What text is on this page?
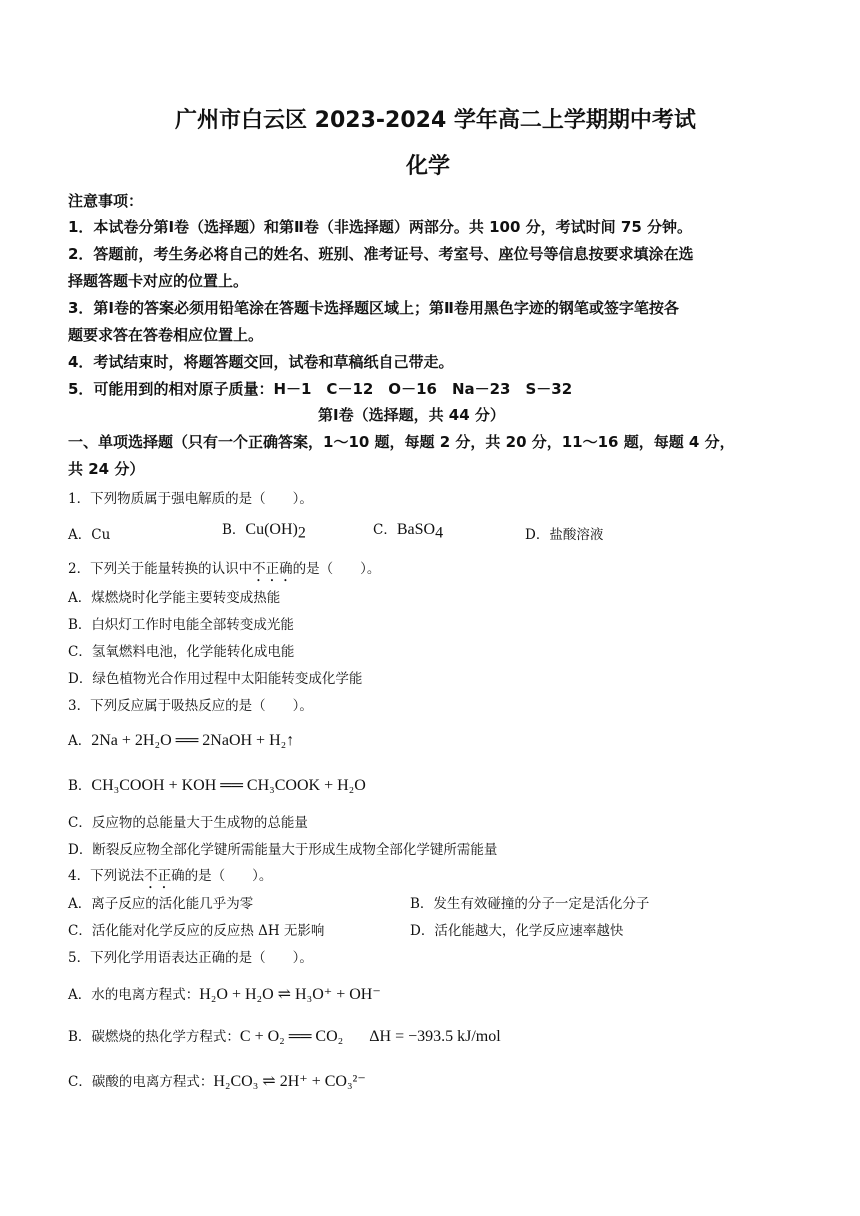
广州市白云区 2023-2024 学年高二上学期期中考试
化学
注意事项：
1．本试卷分第Ⅰ卷（选择题）和第Ⅱ卷（非选择题）两部分。共 100 分，考试时间 75 分钟。
2．答题前，考生务必将自己的姓名、班别、准考证号、考室号、座位号等信息按要求填涂在选
择题答题卡对应的位置上。
3．第Ⅰ卷的答案必须用铅笔涂在答题卡选择题区域上；第Ⅱ卷用黑色字迹的钢笔或签字笔按各
题要求答在答卷相应位置上。
4．考试结束时，将题答题交回，试卷和草稿纸自己带走。
5．可能用到的相对原子质量：H－1　C－12　O－16　Na－23　S－32
第Ⅰ卷（选择题，共 44 分）
一、单项选择题（只有一个正确答案，1～10 题，每题 2 分，共 20 分，11～16 题，每题 4 分，
共 24 分）
1．下列物质属于强电解质的是（　　）。
A．Cu	B．$Cu(OH)_2$	C．BaSO$_4$	D．盐酸溶液
2．下列关于能量转换的认识中不正确的是（　　）。
A．煤燃烧时化学能主要转变成热能
B．白炽灯工作时电能全部转变成光能
C．氢氧燃料电池，化学能转化成电能
D．绿色植物光合作用过程中太阳能转变成化学能
3．下列反应属于吸热反应的是（　　）。
A．2Na + 2H₂O ══ 2NaOH + H₂↑
B．CH₃COOH + KOH ══ CH₃COOK + H₂O
C．反应物的总能量大于生成物的总能量
D．断裂反应物全部化学键所需能量大于形成生成物全部化学键所需能量
4．下列说法不正确的是（　　）。
A．离子反应的活化能几乎为零	B．发生有效碰撞的分子一定是活化分子
C．活化能对化学反应的反应热 ΔH 无影响	D．活化能越大，化学反应速率越快
5．下列化学用语表达正确的是（　　）。
A．水的电离方程式：H₂O + H₂O ⇌ H₃O⁺ + OH⁻
B．碳燃烧的热化学方程式：C + O₂ ══ CO₂ ΔH = −393.5 kJ/mol
C．碳酸的电离方程式：H₂CO₃ ⇌ 2H⁺ + CO₃²⁻
